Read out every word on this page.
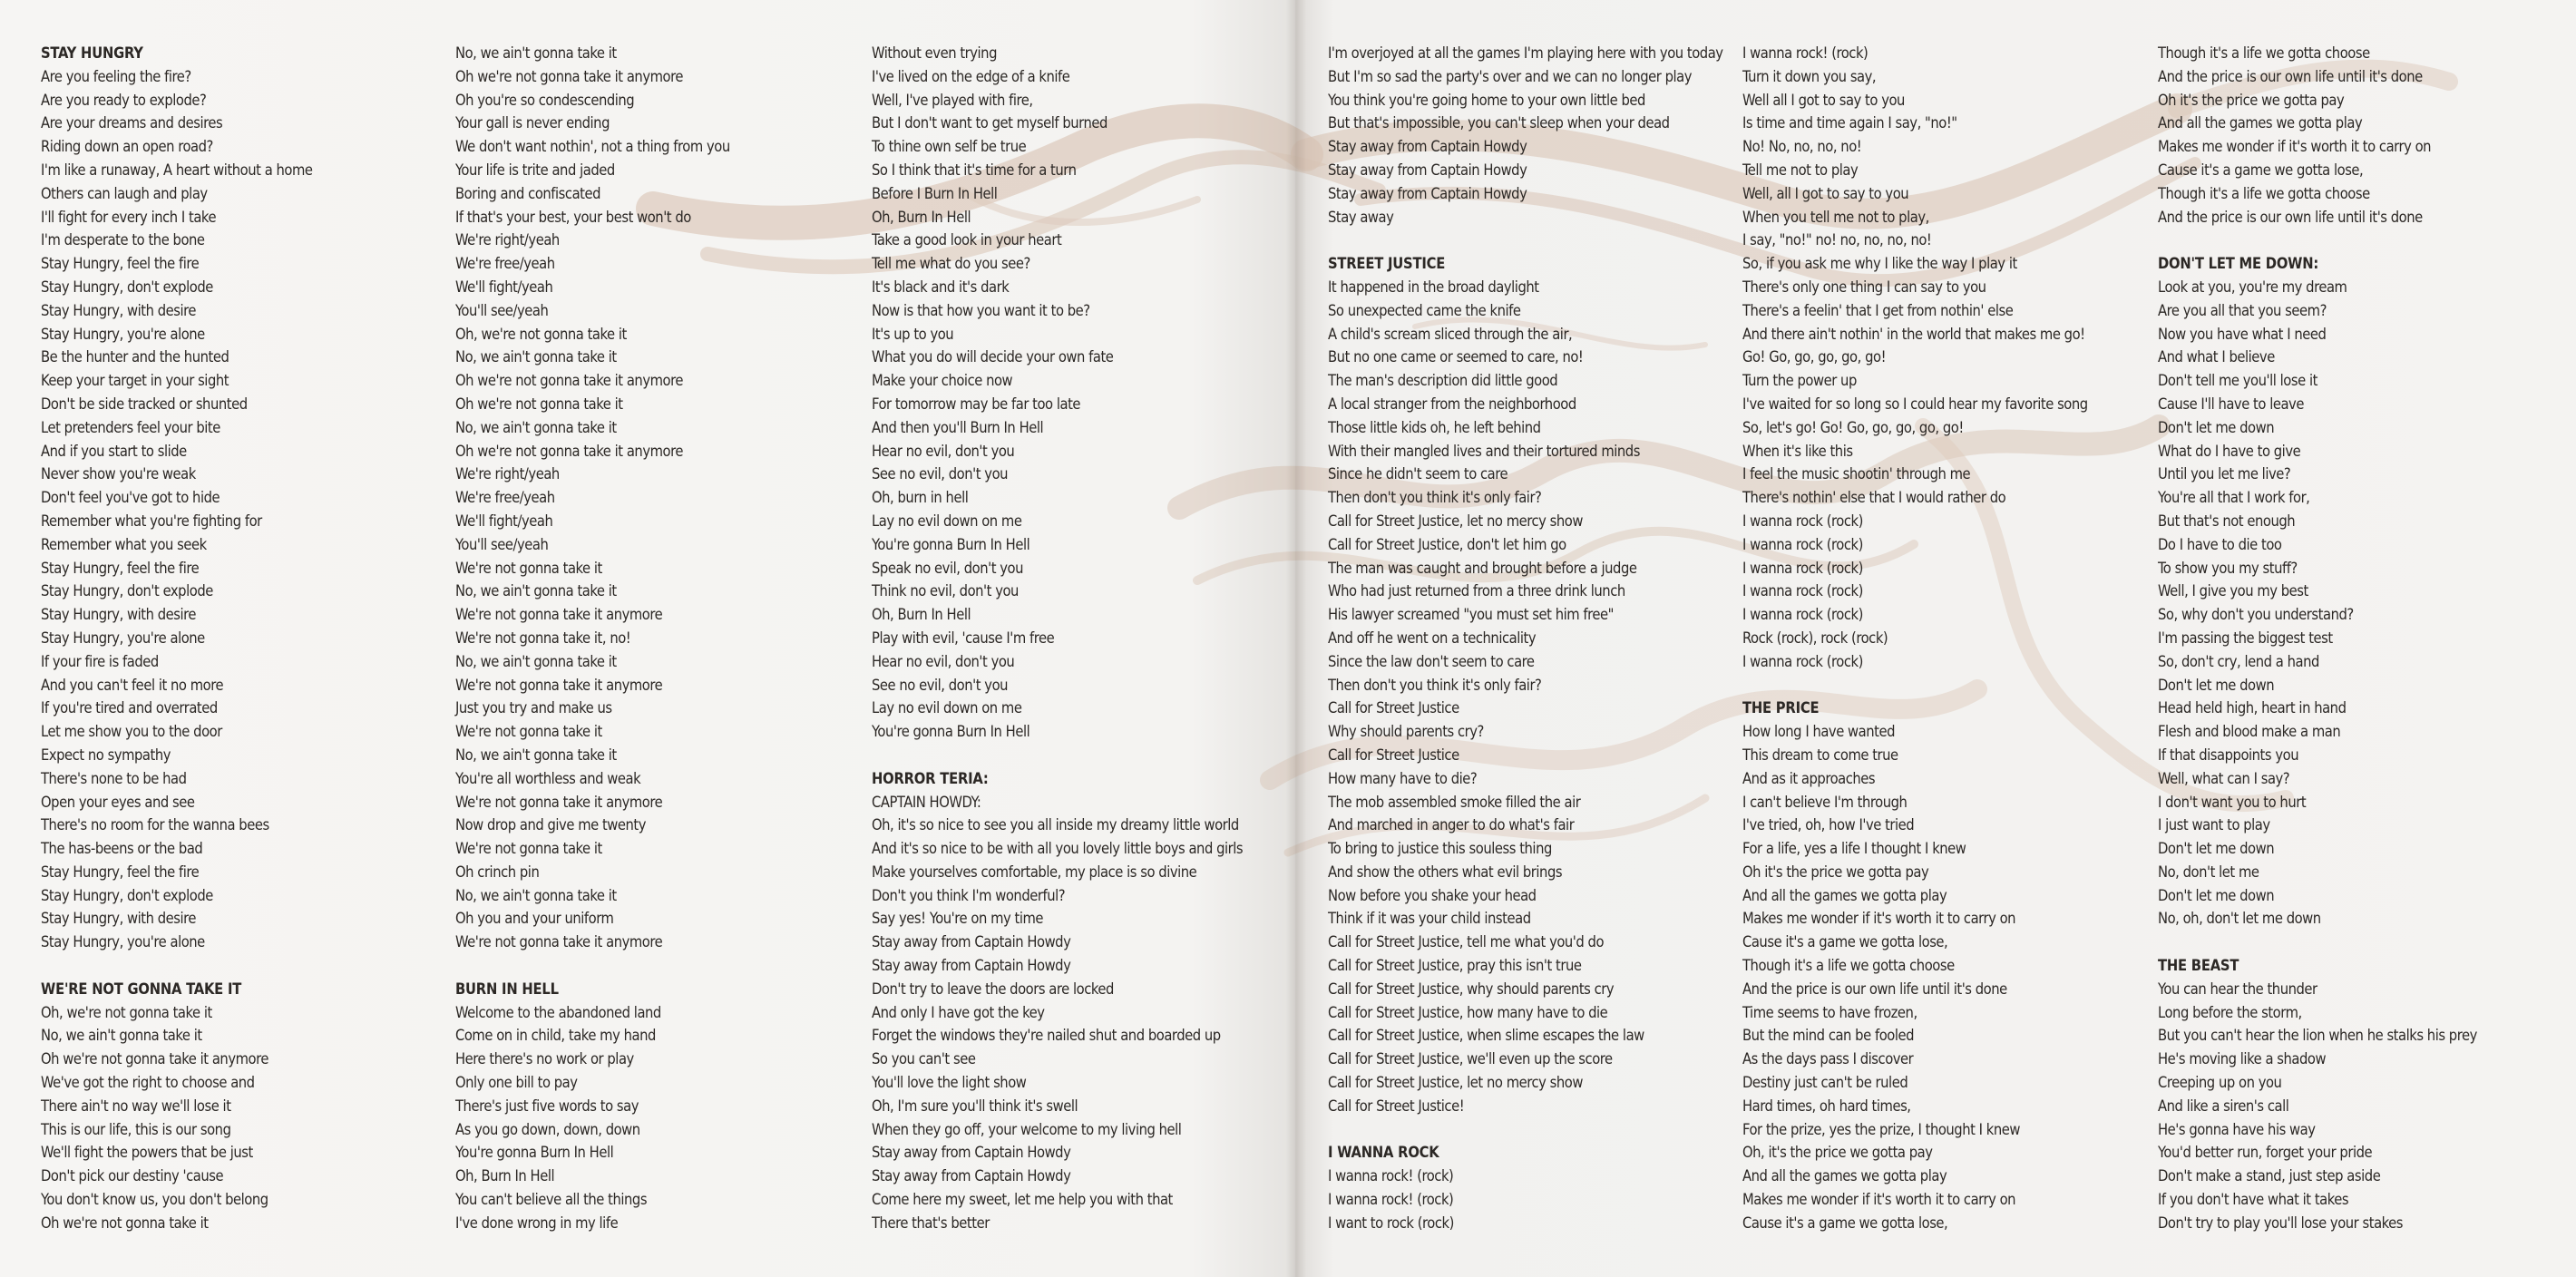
STAY HUNGRY
Are you feeling the fire?
Are you ready to explode?
Are your dreams and desires
Riding down an open road?
I'm like a runaway, A heart without a home
Others can laugh and play
I'll fight for every inch I take
I'm desperate to the bone
Stay Hungry, feel the fire
Stay Hungry, don't explode
Stay Hungry, with desire
Stay Hungry, you're alone
Be the hunter and the hunted
Keep your target in your sight
Don't be side tracked or shunted
Let pretenders feel your bite
And if you start to slide
Never show you're weak
Don't feel you've got to hide
Remember what you're fighting for
Remember what you seek
Stay Hungry, feel the fire
Stay Hungry, don't explode
Stay Hungry, with desire
Stay Hungry, you're alone
If your fire is faded
And you can't feel it no more
If you're tired and overrated
Let me show you to the door
Expect no sympathy
There's none to be had
Open your eyes and see
There's no room for the wanna bees
The has-beens or the bad
Stay Hungry, feel the fire
Stay Hungry, don't explode
Stay Hungry, with desire
Stay Hungry, you're alone
WE'RE NOT GONNA TAKE IT
Oh, we're not gonna take it
No, we ain't gonna take it
Oh we're not gonna take it anymore
We've got the right to choose and
There ain't no way we'll lose it
This is our life, this is our song
We'll fight the powers that be just
Don't pick our destiny 'cause
You don't know us, you don't belong
Oh we're not gonna take it
No, we ain't gonna take it
Oh we're not gonna take it anymore
Oh you're so condescending
Your gall is never ending
We don't want nothin', not a thing from you
Your life is trite and jaded
Boring and confiscated
If that's your best, your best won't do
We're right/yeah
We're free/yeah
We'll fight/yeah
You'll see/yeah
Oh, we're not gonna take it
No, we ain't gonna take it
Oh we're not gonna take it anymore
Oh we're not gonna take it
No, we ain't gonna take it
Oh we're not gonna take it anymore
We're right/yeah
We're free/yeah
We'll fight/yeah
You'll see/yeah
We're not gonna take it
No, we ain't gonna take it
We're not gonna take it anymore
We're not gonna take it, no!
No, we ain't gonna take it
We're not gonna take it anymore
Just you try and make us
We're not gonna take it
No, we ain't gonna take it
You're all worthless and weak
We're not gonna take it anymore
Now drop and give me twenty
We're not gonna take it
Oh crinch pin
No, we ain't gonna take it
Oh you and your uniform
We're not gonna take it anymore
BURN IN HELL
Welcome to the abandoned land
Come on in child, take my hand
Here there's no work or play
Only one bill to pay
There's just five words to say
As you go down, down, down
You're gonna Burn In Hell
Oh, Burn In Hell
You can't believe all the things
I've done wrong in my life
Without even trying
I've lived on the edge of a knife
Well, I've played with fire,
But I don't want to get myself burned
To thine own self be true
So I think that it's time for a turn
Before I Burn In Hell
Oh, Burn In Hell
Take a good look in your heart
Tell me what do you see?
It's black and it's dark
Now is that how you want it to be?
It's up to you
What you do will decide your own fate
Make your choice now
For tomorrow may be far too late
And then you'll Burn In Hell
Hear no evil, don't you
See no evil, don't you
Oh, burn in hell
Lay no evil down on me
You're gonna Burn In Hell
Speak no evil, don't you
Think no evil, don't you
Oh, Burn In Hell
Play with evil, 'cause I'm free
Hear no evil, don't you
See no evil, don't you
Lay no evil down on me
You're gonna Burn In Hell
HORROR TERIA:
CAPTAIN HOWDY:
Oh, it's so nice to see you all inside my dreamy little world
And it's so nice to be with all you lovely little boys and girls
Make yourselves comfortable, my place is so divine
Don't you think I'm wonderful?
Say yes! You're on my time
Stay away from Captain Howdy
Stay away from Captain Howdy
Don't try to leave the doors are locked
And only I have got the key
Forget the windows they're nailed shut and boarded up
So you can't see
You'll love the light show
Oh, I'm sure you'll think it's swell
When they go off, your welcome to my living hell
Stay away from Captain Howdy
Stay away from Captain Howdy
Come here my sweet, let me help you with that
There that's better
I'm overjoyed at all the games I'm playing here with you today
But I'm so sad the party's over and we can no longer play
You think you're going home to your own little bed
But that's impossible, you can't sleep when your dead
Stay away from Captain Howdy
Stay away from Captain Howdy
Stay away from Captain Howdy
Stay away
STREET JUSTICE
It happened in the broad daylight
So unexpected came the knife
A child's scream sliced through the air,
But no one came or seemed to care, no!
The man's description did little good
A local stranger from the neighborhood
Those little kids oh, he left behind
With their mangled lives and their tortured minds
Since he didn't seem to care
Then don't you think it's only fair?
Call for Street Justice, let no mercy show
Call for Street Justice, don't let him go
The man was caught and brought before a judge
Who had just returned from a three drink lunch
His lawyer screamed "you must set him free"
And off he went on a technicality
Since the law don't seem to care
Then don't you think it's only fair?
Call for Street Justice
Why should parents cry?
Call for Street Justice
How many have to die?
The mob assembled smoke filled the air
And marched in anger to do what's fair
To bring to justice this souless thing
And show the others what evil brings
Now before you shake your head
Think if it was your child instead
Call for Street Justice, tell me what you'd do
Call for Street Justice, pray this isn't true
Call for Street Justice, why should parents cry
Call for Street Justice, how many have to die
Call for Street Justice, when slime escapes the law
Call for Street Justice, we'll even up the score
Call for Street Justice, let no mercy show
Call for Street Justice!
I WANNA ROCK
I wanna rock! (rock)
I wanna rock! (rock)
I want to rock (rock)
I wanna rock! (rock)
Turn it down you say,
Well all I got to say to you
Is time and time again I say, "no!"
No! No, no, no, no!
Tell me not to play
Well, all I got to say to you
When you tell me not to play,
I say, "no!" no! no, no, no, no!
So, if you ask me why I like the way I play it
There's only one thing I can say to you
There's a feelin' that I get from nothin' else
And there ain't nothin' in the world that makes me go!
Go! Go, go, go, go, go!
Turn the power up
I've waited for so long so I could hear my favorite song
So, let's go! Go! Go, go, go, go, go!
When it's like this
I feel the music shootin' through me
There's nothin' else that I would rather do
I wanna rock (rock)
I wanna rock (rock)
I wanna rock (rock)
I wanna rock (rock)
I wanna rock (rock)
Rock (rock), rock (rock)
I wanna rock (rock)
THE PRICE
How long I have wanted
This dream to come true
And as it approaches
I can't believe I'm through
I've tried, oh, how I've tried
For a life, yes a life I thought I knew
Oh it's the price we gotta pay
And all the games we gotta play
Makes me wonder if it's worth it to carry on
Cause it's a game we gotta lose,
Though it's a life we gotta choose
And the price is our own life until it's done
Time seems to have frozen,
But the mind can be fooled
As the days pass I discover
Destiny just can't be ruled
Hard times, oh hard times,
For the prize, yes the prize, I thought I knew
Oh, it's the price we gotta pay
And all the games we gotta play
Makes me wonder if it's worth it to carry on
Cause it's a game we gotta lose,
Though it's a life we gotta choose
And the price is our own life until it's done
Oh it's the price we gotta pay
And all the games we gotta play
Makes me wonder if it's worth it to carry on
Cause it's a game we gotta lose,
Though it's a life we gotta choose
And the price is our own life until it's done
DON'T LET ME DOWN:
Look at you, you're my dream
Are you all that you seem?
Now you have what I need
And what I believe
Don't tell me you'll lose it
Cause I'll have to leave
Don't let me down
What do I have to give
Until you let me live?
You're all that I work for,
But that's not enough
Do I have to die too
To show you my stuff?
Well, I give you my best
So, why don't you understand?
I'm passing the biggest test
So, don't cry, lend a hand
Don't let me down
Head held high, heart in hand
Flesh and blood make a man
If that disappoints you
Well, what can I say?
I don't want you to hurt
I just want to play
Don't let me down
No, don't let me
Don't let me down
No, oh, don't let me down
THE BEAST
You can hear the thunder
Long before the storm,
But you can't hear the lion when he stalks his prey
He's moving like a shadow
Creeping up on you
And like a siren's call
He's gonna have his way
You'd better run, forget your pride
Don't make a stand, just step aside
If you don't have what it takes
Don't try to play you'll lose your stakes
